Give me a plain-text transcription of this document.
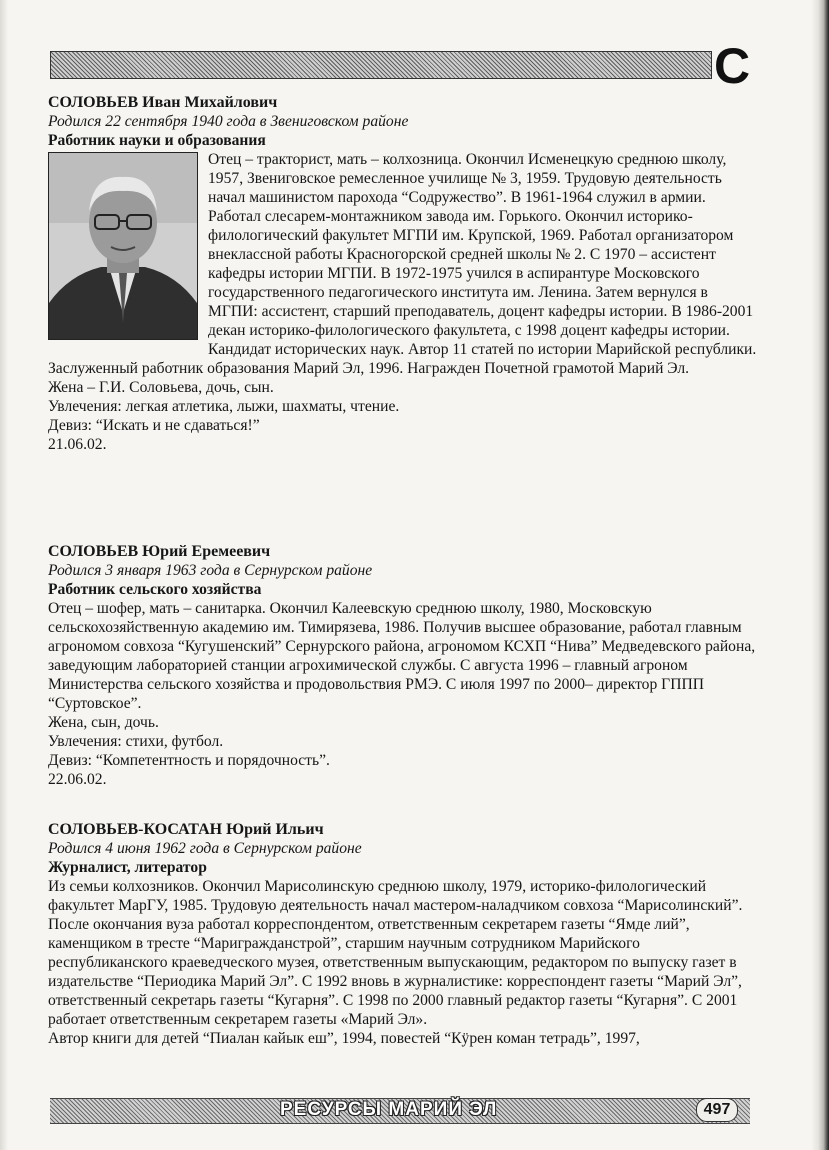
С

СОЛОВЬЕВ Иван Михайлович

Родился 22 сентября 1940 года в Звениговском районе

Работник науки и образования

Отец – тракторист, мать – колхозница. Окончил Исменецкую среднюю школу, 1957, Звениговское ремесленное училище № 3, 1959. Трудовую деятельность начал машинистом парохода “Содружество”. В 1961-1964 служил в армии. Работал слесарем-монтажником завода им. Горького. Окончил историко-филологический факультет МГПИ им. Крупской, 1969. Работал организатором внеклассной работы Красногорской средней школы № 2. С 1970 – ассистент кафедры истории МГПИ. В 1972-1975 учился в аспирантуре Московского государственного педагогического института им. Ленина. Затем вернулся в МГПИ: ассистент, старший преподаватель, доцент кафедры истории. В 1986-2001 декан историко-филологического факультета, с 1998 доцент кафедры истории.

Кандидат исторических наук. Автор 11 статей по истории Марийской республики.

Заслуженный работник образования Марий Эл, 1996. Награжден Почетной грамотой Марий Эл.

Жена – Г.И. Соловьева, дочь, сын.

Увлечения: легкая атлетика, лыжи, шахматы, чтение.

Девиз: “Искать и не сдаваться!”

21.06.02.

СОЛОВЬЕВ Юрий Еремеевич

Родился 3 января 1963 года в Сернурском районе

Работник сельского хозяйства

Отец – шофер, мать – санитарка. Окончил Калеевскую среднюю школу, 1980, Московскую сельскохозяйственную академию им. Тимирязева, 1986. Получив высшее образование, работал главным агрономом совхоза “Кугушенский” Сернурского района, агрономом КСХП “Нива” Медведевского района, заведующим лабораторией станции агрохимической службы. С августа 1996 – главный агроном Министерства сельского хозяйства и продовольствия РМЭ. С июля 1997 по 2000– директор ГППП “Суртовское”.

Жена, сын, дочь.

Увлечения: стихи, футбол.

Девиз: “Компетентность и порядочность”.

22.06.02.

СОЛОВЬЕВ-КОСАТАН Юрий Ильич

Родился 4 июня 1962 года в Сернурском районе

Журналист, литератор

Из семьи колхозников. Окончил Марисолинскую среднюю школу, 1979, историко-филологический факультет МарГУ, 1985. Трудовую деятельность начал мастером-наладчиком совхоза “Марисолинский”. После окончания вуза работал корреспондентом, ответственным секретарем газеты “Ямде лий”, каменщиком в тресте “Маригражданстрой”, старшим научным сотрудником Марийского республиканского краеведческого музея, ответственным выпускающим, редактором по выпуску газет в издательстве “Периодика Марий Эл”. С 1992 вновь в журналистике: корреспондент газеты “Марий Эл”, ответственный секретарь газеты “Кугарня”. С 1998 по 2000 главный редактор газеты “Кугарня”. С 2001 работает ответственным секретарем газеты «Марий Эл».

Автор книги для детей “Пиалан кайык еш”, 1994, повестей “Кӱрен коман тетрадь”, 1997,

РЕСУРСЫ МАРИЙ ЭЛ	497
